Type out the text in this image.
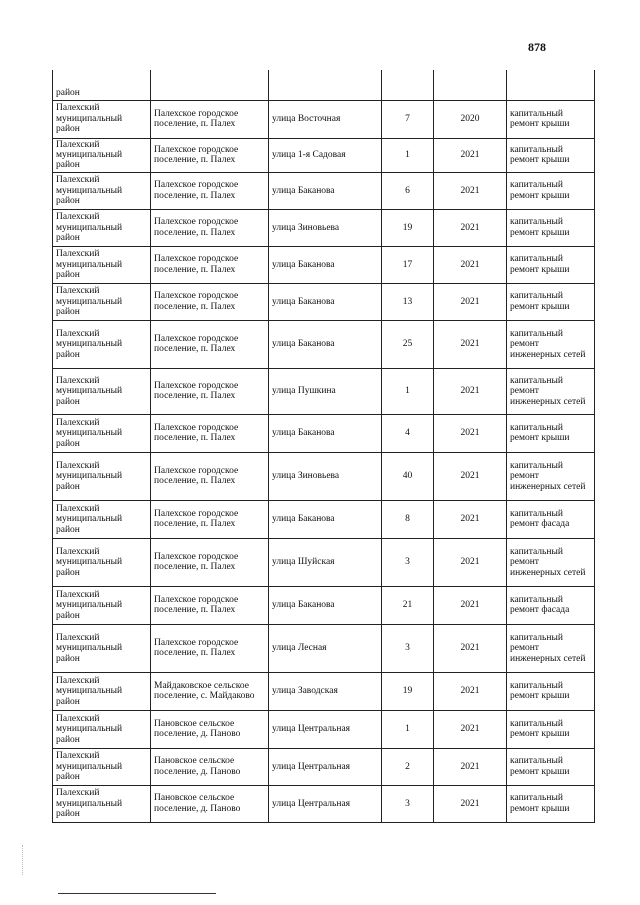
878
район					
Палехский муниципальный район	Палехское городское поселение, п. Палех	улица Восточная	7	2020	капитальный ремонт крыши
Палехский муниципальный район	Палехское городское поселение, п. Палех	улица 1-я Садовая	1	2021	капитальный ремонт крыши
Палехский муниципальный район	Палехское городское поселение, п. Палех	улица Баканова	6	2021	капитальный ремонт крыши
Палехский муниципальный район	Палехское городское поселение, п. Палех	улица Зиновьева	19	2021	капитальный ремонт крыши
Палехский муниципальный район	Палехское городское поселение, п. Палех	улица Баканова	17	2021	капитальный ремонт крыши
Палехский муниципальный район	Палехское городское поселение, п. Палех	улица Баканова	13	2021	капитальный ремонт крыши
Палехский муниципальный район	Палехское городское поселение, п. Палех	улица Баканова	25	2021	капитальный ремонт инженерных сетей
Палехский муниципальный район	Палехское городское поселение, п. Палех	улица Пушкина	1	2021	капитальный ремонт инженерных сетей
Палехский муниципальный район	Палехское городское поселение, п. Палех	улица Баканова	4	2021	капитальный ремонт крыши
Палехский муниципальный район	Палехское городское поселение, п. Палех	улица Зиновьева	40	2021	капитальный ремонт инженерных сетей
Палехский муниципальный район	Палехское городское поселение, п. Палех	улица Баканова	8	2021	капитальный ремонт фасада
Палехский муниципальный район	Палехское городское поселение, п. Палех	улица Шуйская	3	2021	капитальный ремонт инженерных сетей
Палехский муниципальный район	Палехское городское поселение, п. Палех	улица Баканова	21	2021	капитальный ремонт фасада
Палехский муниципальный район	Палехское городское поселение, п. Палех	улица Лесная	3	2021	капитальный ремонт инженерных сетей
Палехский муниципальный район	Майдаковское сельское поселение, с. Майдаково	улица Заводская	19	2021	капитальный ремонт крыши
Палехский муниципальный район	Пановское сельское поселение, д. Паново	улица Центральная	1	2021	капитальный ремонт крыши
Палехский муниципальный район	Пановское сельское поселение, д. Паново	улица Центральная	2	2021	капитальный ремонт крыши
Палехский муниципальный район	Пановское сельское поселение, д. Паново	улица Центральная	3	2021	капитальный ремонт крыши
